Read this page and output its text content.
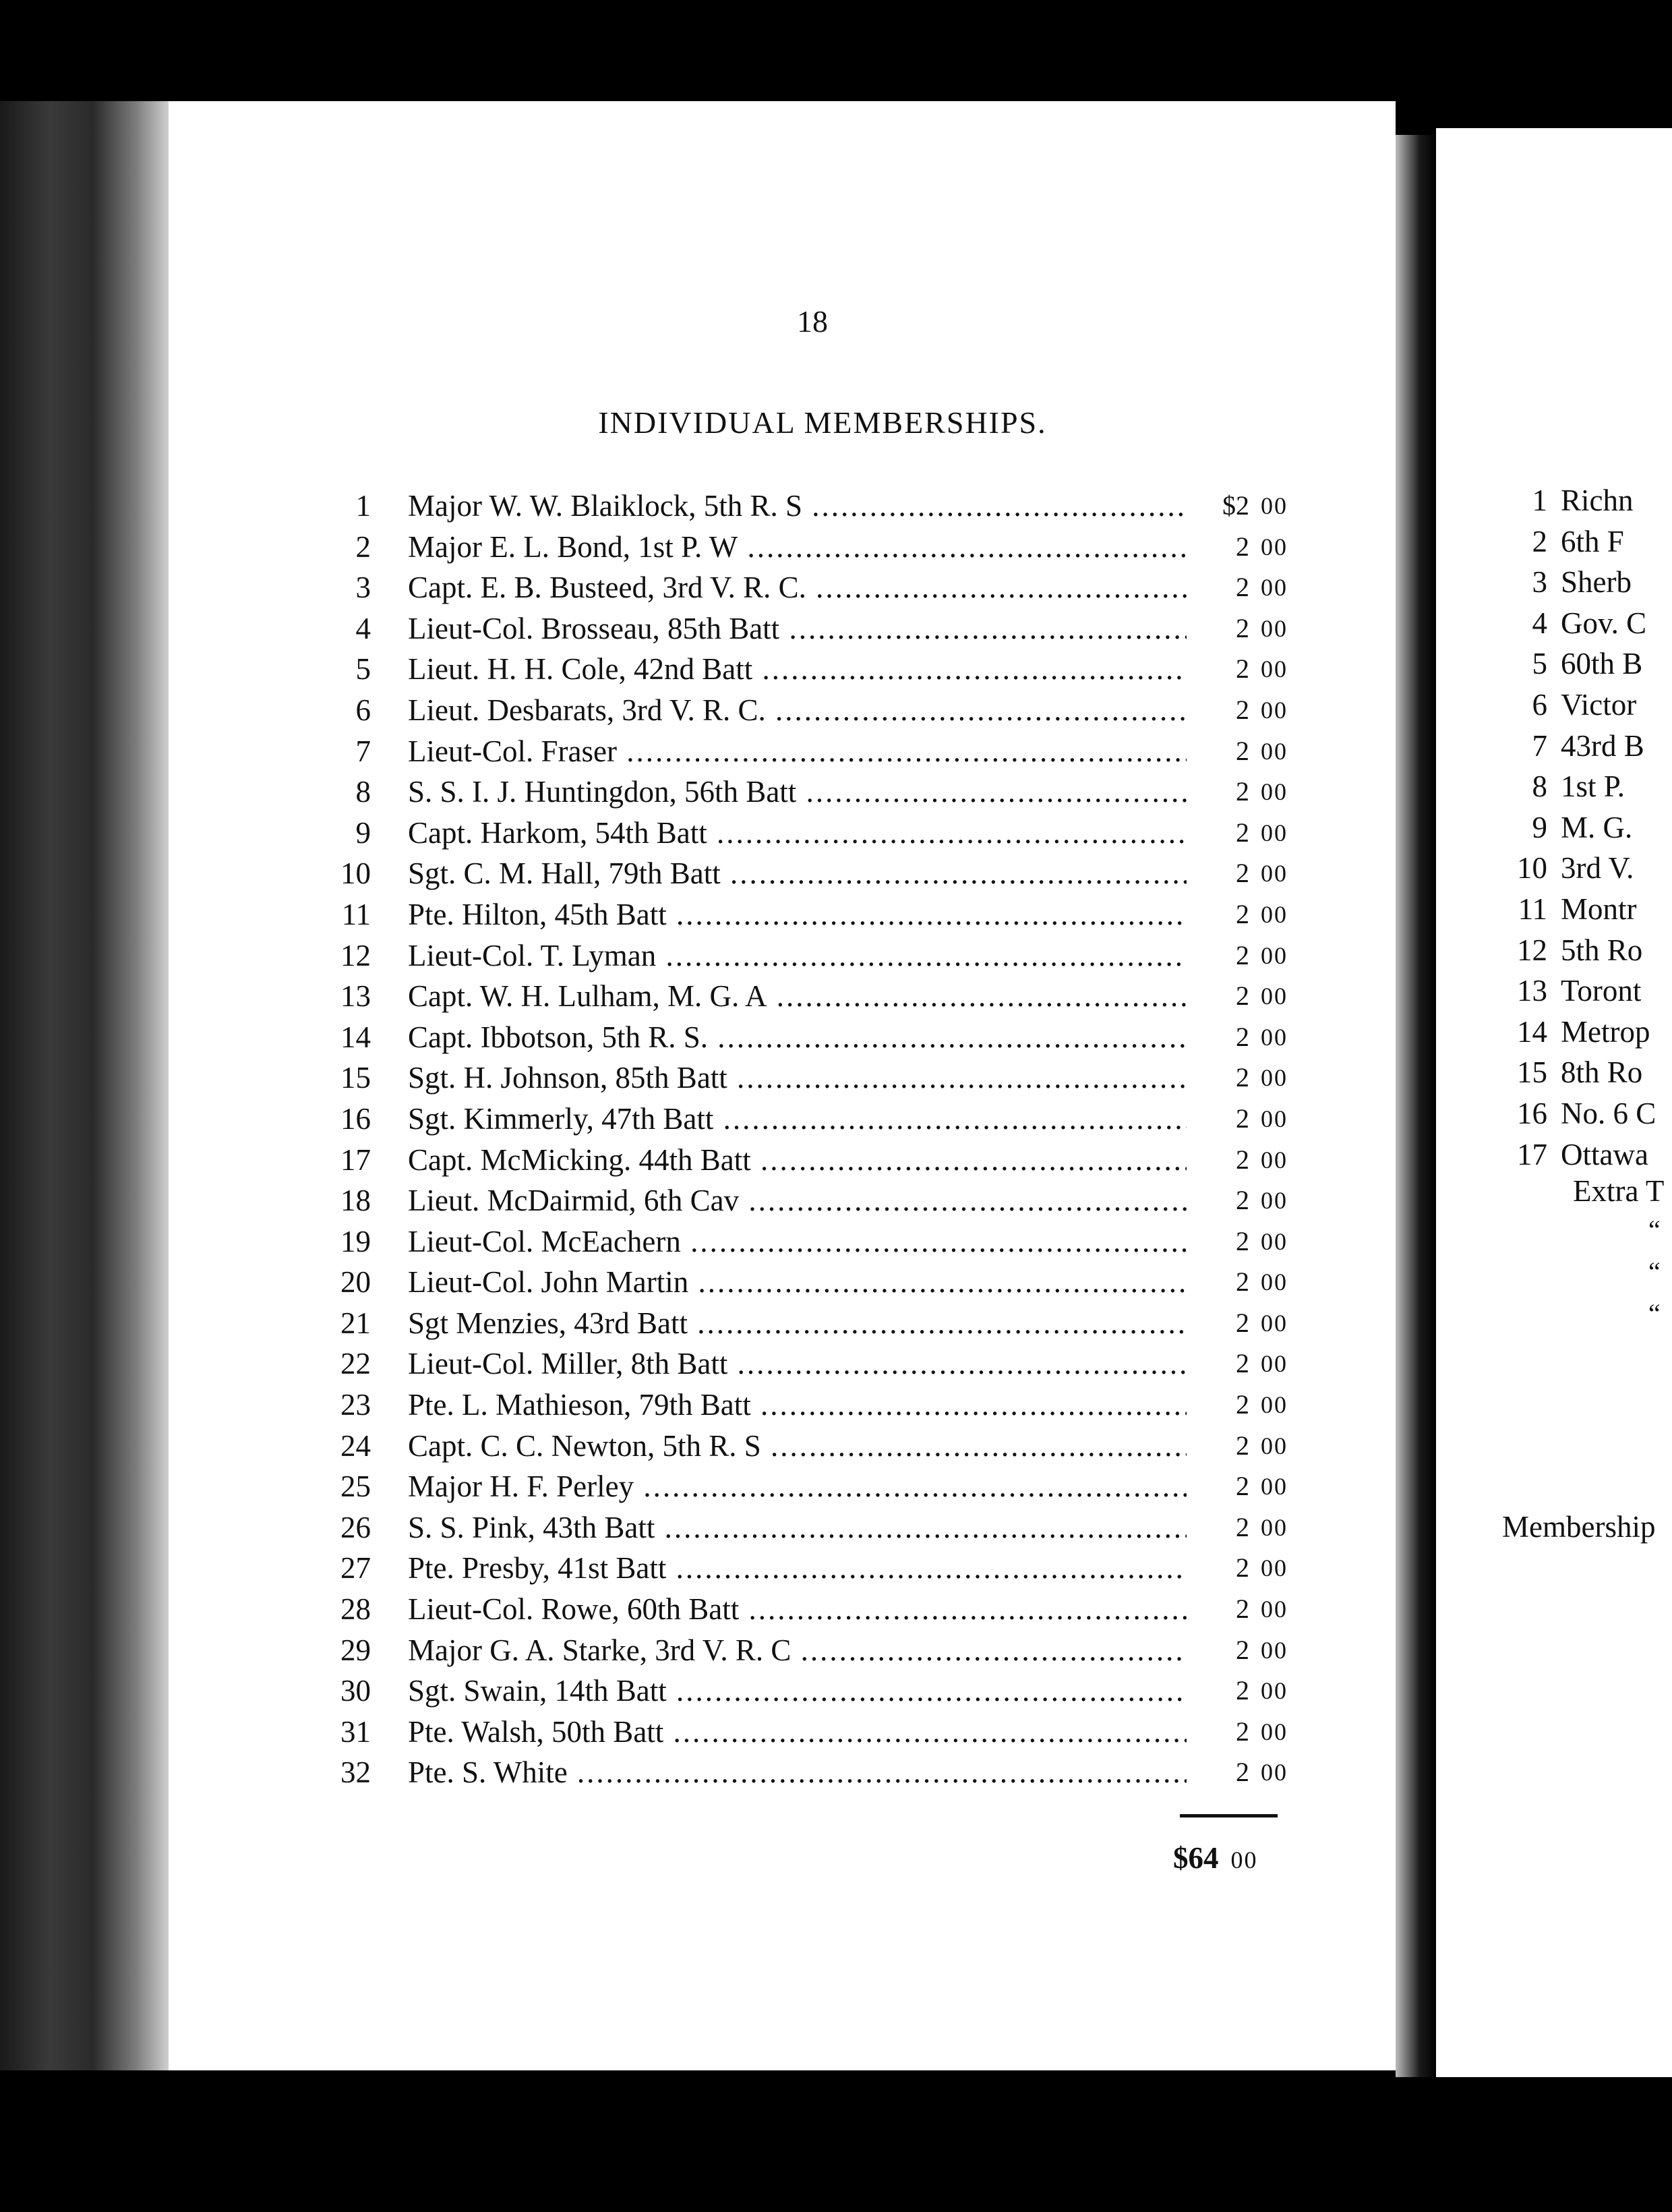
18
INDIVIDUAL MEMBERSHIPS.
1 Major W. W. Blaiklock, 5th R. S .....	$2 00
2 Major E. L. Bond, 1st P. W .....	2 00
3 Capt. E. B. Busteed, 3rd V. R. C. .....	2 00
4 Lieut-Col. Brosseau, 85th Batt .....	2 00
5 Lieut. H. H. Cole, 42nd Batt .....	2 00
6 Lieut. Desbarats, 3rd V. R. C. .....	2 00
7 Lieut-Col. Fraser .....	2 00
8 S. S. I. J. Huntingdon, 56th Batt .....	2 00
9 Capt. Harkom, 54th Batt .....	2 00
10 Sgt. C. M. Hall, 79th Batt .....	2 00
11 Pte. Hilton, 45th Batt .....	2 00
12 Lieut-Col. T. Lyman .....	2 00
13 Capt. W. H. Lulham, M. G. A .....	2 00
14 Capt. Ibbotson, 5th R. S. .....	2 00
15 Sgt. H. Johnson, 85th Batt .....	2 00
16 Sgt. Kimmerly, 47th Batt .....	2 00
17 Capt. McMicking. 44th Batt .....	2 00
18 Lieut. McDairmid, 6th Cav .....	2 00
19 Lieut-Col. McEachern .....	2 00
20 Lieut-Col. John Martin .....	2 00
21 Sgt Menzies, 43rd Batt .....	2 00
22 Lieut-Col. Miller, 8th Batt .....	2 00
23 Pte. L. Mathieson, 79th Batt .....	2 00
24 Capt. C. C. Newton, 5th R. S .....	2 00
25 Major H. F. Perley .....	2 00
26 S. S. Pink, 43th Batt .....	2 00
27 Pte. Presby, 41st Batt .....	2 00
28 Lieut-Col. Rowe, 60th Batt .....	2 00
29 Major G. A. Starke, 3rd V. R. C .....	2 00
30 Sgt. Swain, 14th Batt .....	2 00
31 Pte. Walsh, 50th Batt .....	2 00
32 Pte. S. White .....	2 00
$64 00
1 Richn
2 6th F
3 Sherb
4 Gov. C
5 60th B
6 Victor
7 43rd B
8 1st P.
9 M. G.
10 3rd V.
11 Montr
12 5th Ro
13 Toront
14 Metrop
15 8th Ro
16 No. 6 C
17 Ottawa
Extra T
“
“
“
Membership
